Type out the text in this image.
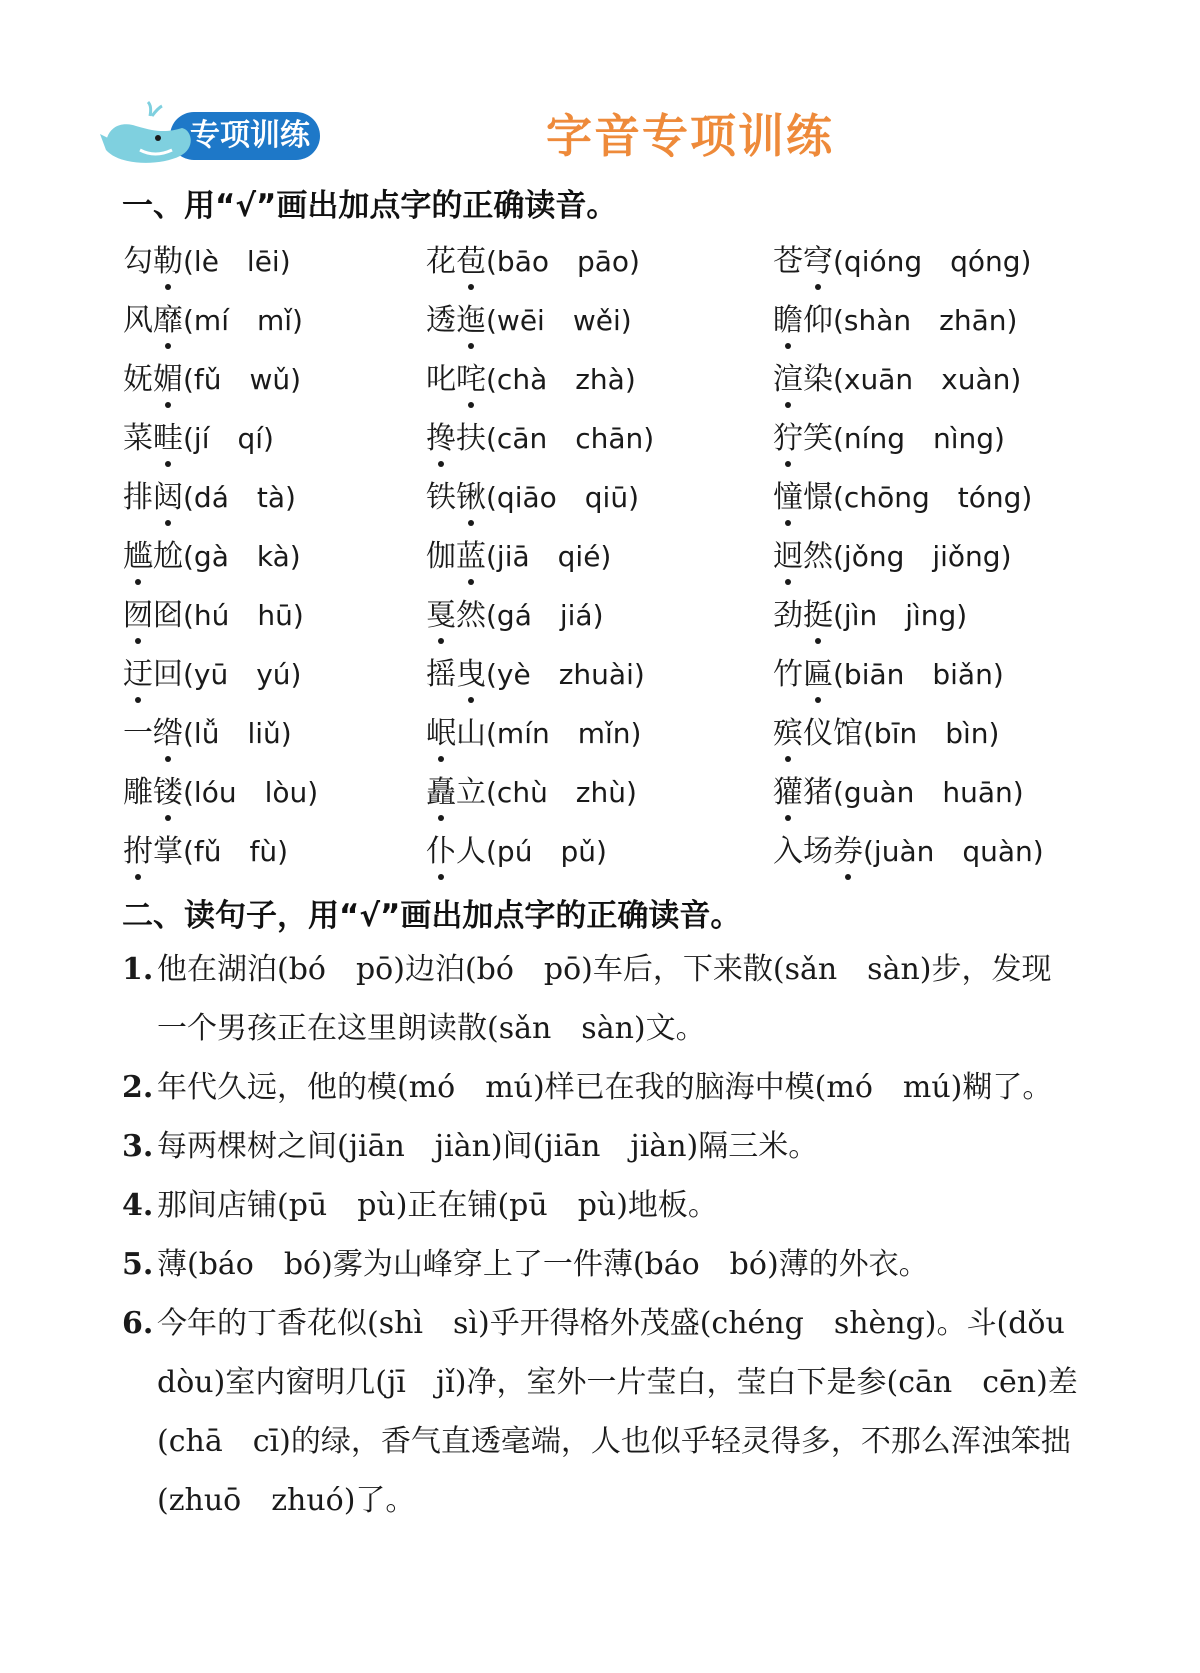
专项训练	字音专项训练
一、用“√”画出加点字的正确读音。
勾勒(lè　lēi)	花苞(bāo　pāo)	苍穹(qióng　qóng)
风靡(mí　mǐ)	透迤(wēi　wěi)	瞻仰(shàn　zhān)
妩媚(fǔ　wǔ)	叱咤(chà　zhà)	渲染(xuān　xuàn)
菜畦(jí　qí)	搀扶(cān　chān)	狞笑(níng　nìng)
排闼(dá　tà)	铁锹(qiāo　qiū)	憧憬(chōng　tóng)
尴尬(gà　kà)	伽蓝(jiā　qié)	迥然(jǒng　jiǒng)
囫囵(hú　hū)	戛然(gá　jiá)	劲挺(jìn　jìng)
迂回(yū　yú)	摇曳(yè　zhuài)	竹匾(biān　biǎn)
一绺(lǚ　liǔ)	岷山(mín　mǐn)	殡仪馆(bīn　bìn)
雕镂(lóu　lòu)	矗立(chù　zhù)	獾猪(guàn　huān)
拊掌(fǔ　fù)	仆人(pú　pǔ)	入场券(juàn　quàn)
二、读句子，用“√”画出加点字的正确读音。
1. 他在湖泊(bó　pō)边泊(bó　pō)车后，下来散(sǎn　sàn)步，发现
一个男孩正在这里朗读散(sǎn　sàn)文。
2. 年代久远，他的模(mó　mú)样已在我的脑海中模(mó　mú)糊了。
3. 每两棵树之间(jiān　jiàn)间(jiān　jiàn)隔三米。
4. 那间店铺(pū　pù)正在铺(pū　pù)地板。
5. 薄(báo　bó)雾为山峰穿上了一件薄(báo　bó)薄的外衣。
6. 今年的丁香花似(shì　sì)乎开得格外茂盛(chéng　shèng)。斗(dǒu
dòu)室内窗明几(jī　jǐ)净，室外一片莹白，莹白下是参(cān　cēn)差
(chā　cī)的绿，香气直透毫端，人也似乎轻灵得多，不那么浑浊笨拙
(zhuō　zhuó)了。
